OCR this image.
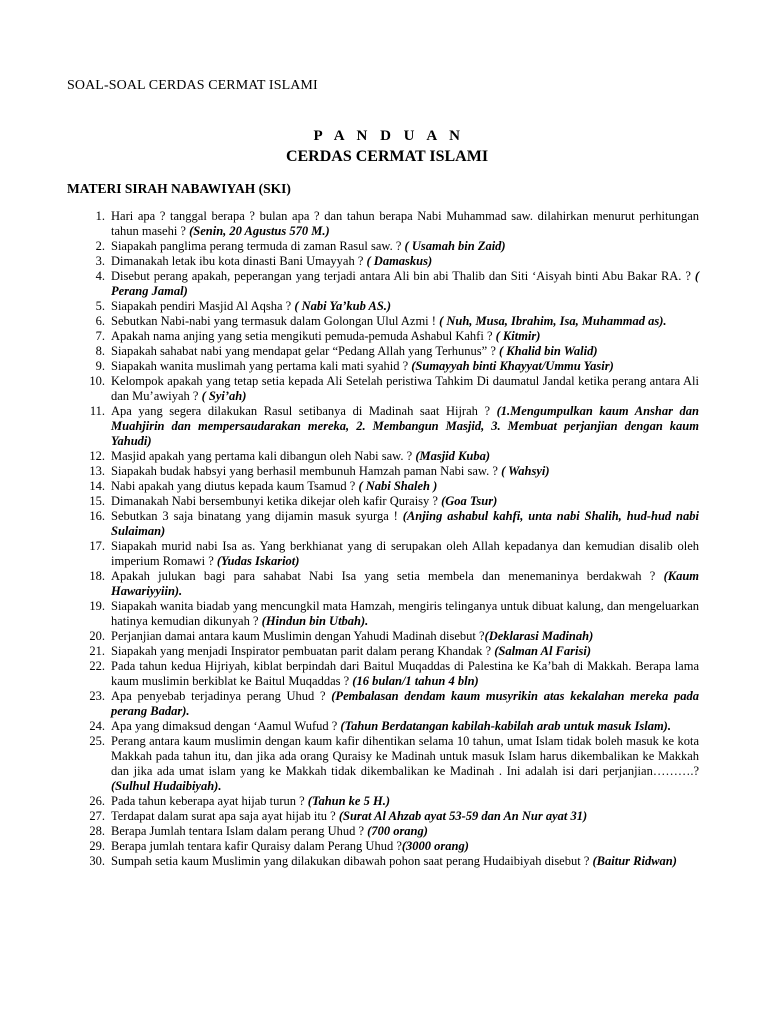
SOAL-SOAL CERDAS CERMAT ISLAMI
P A N D U A N
CERDAS CERMAT ISLAMI
MATERI SIRAH NABAWIYAH (SKI)
1. Hari apa ? tanggal berapa ? bulan apa ? dan tahun berapa Nabi Muhammad saw. dilahirkan menurut perhitungan tahun masehi ? (Senin, 20 Agustus 570 M.)
2. Siapakah panglima perang termuda di zaman Rasul saw. ? ( Usamah bin Zaid)
3. Dimanakah letak ibu kota dinasti Bani Umayyah ? ( Damaskus)
4. Disebut perang apakah, peperangan yang terjadi antara Ali bin abi Thalib dan Siti ‘Aisyah binti Abu Bakar RA. ? ( Perang Jamal)
5. Siapakah pendiri Masjid Al Aqsha ? ( Nabi Ya’kub AS.)
6. Sebutkan Nabi-nabi yang termasuk dalam Golongan Ulul Azmi ! ( Nuh, Musa, Ibrahim, Isa, Muhammad as).
7. Apakah nama anjing yang setia mengikuti pemuda-pemuda Ashabul Kahfi ? ( Kitmir)
8. Siapakah sahabat nabi yang mendapat gelar “Pedang Allah yang Terhunus” ? ( Khalid bin Walid)
9. Siapakah wanita muslimah yang pertama kali mati syahid ? (Sumayyah binti Khayyat/Ummu Yasir)
10. Kelompok apakah yang tetap setia kepada Ali Setelah peristiwa Tahkim Di daumatul Jandal ketika perang antara Ali dan Mu’awiyah ? ( Syi’ah)
11. Apa yang segera dilakukan Rasul setibanya di Madinah saat Hijrah ? (1.Mengumpulkan kaum Anshar dan Muahjirin dan mempersaudarakan mereka, 2. Membangun Masjid, 3. Membuat perjanjian dengan kaum Yahudi)
12. Masjid apakah yang pertama kali dibangun oleh Nabi saw. ? (Masjid Kuba)
13. Siapakah budak habsyi yang berhasil membunuh Hamzah paman Nabi saw. ? ( Wahsyi)
14. Nabi apakah yang diutus kepada kaum Tsamud ? ( Nabi Shaleh )
15. Dimanakah Nabi bersembunyi ketika dikejar oleh kafir Quraisy ? (Goa Tsur)
16. Sebutkan 3 saja binatang yang dijamin masuk syurga ! (Anjing ashabul kahfi, unta nabi Shalih, hud-hud nabi Sulaiman)
17. Siapakah murid nabi Isa as. Yang berkhianat yang di serupakan oleh Allah kepadanya dan kemudian disalib oleh imperium Romawi ? (Yudas Iskariot)
18. Apakah julukan bagi para sahabat Nabi Isa yang setia membela dan menemaninya berdakwah ? (Kaum Hawariyyiin).
19. Siapakah wanita biadab yang mencungkil mata Hamzah, mengiris telinganya untuk dibuat kalung, dan mengeluarkan hatinya kemudian dikunyah ? (Hindun bin Utbah).
20. Perjanjian damai antara kaum Muslimin dengan Yahudi Madinah disebut ?(Deklarasi Madinah)
21. Siapakah yang menjadi Inspirator pembuatan parit dalam perang Khandak ? (Salman Al Farisi)
22. Pada tahun kedua Hijriyah, kiblat berpindah dari Baitul Muqaddas di Palestina ke Ka’bah di Makkah. Berapa lama kaum muslimin berkiblat ke Baitul Muqaddas ? (16 bulan/1 tahun 4 bln)
23. Apa penyebab terjadinya perang Uhud ? (Pembalasan dendam kaum musyrikin atas kekalahan mereka pada perang Badar).
24. Apa yang dimaksud dengan ‘Aamul Wufud ? (Tahun Berdatangan kabilah-kabilah arab untuk masuk Islam).
25. Perang antara kaum muslimin dengan kaum kafir dihentikan selama 10 tahun, umat Islam tidak boleh masuk ke kota Makkah pada tahun itu, dan jika ada orang Quraisy ke Madinah untuk masuk Islam harus dikembalikan ke Makkah dan jika ada umat islam yang ke Makkah tidak dikembalikan ke Madinah . Ini adalah isi dari perjanjian……….? (Sulhul Hudaibiyah).
26. Pada tahun keberapa ayat hijab turun ? (Tahun ke 5 H.)
27. Terdapat dalam surat apa saja ayat hijab itu ? (Surat Al Ahzab ayat 53-59 dan An Nur ayat 31)
28. Berapa Jumlah tentara Islam dalam perang Uhud ? (700 orang)
29. Berapa jumlah tentara kafir Quraisy dalam Perang Uhud ?(3000 orang)
30. Sumpah setia kaum Muslimin yang dilakukan dibawah pohon saat perang Hudaibiyah disebut ? (Baitur Ridwan)
